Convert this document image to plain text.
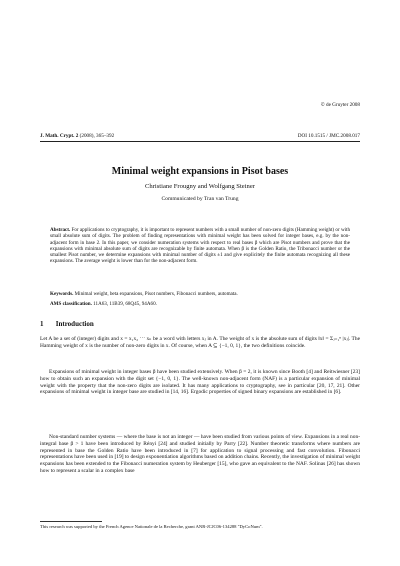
© de Gruyter 2008

J. Math. Crypt. 2 (2008), 365–392	DOI 10.1515 / JMC.2008.017
Minimal weight expansions in Pisot bases

Christiane Frougny and Wolfgang Steiner

Communicated by Tran van Trung

Abstract. For applications to cryptography, it is important to represent numbers with a small number of non-zero digits (Hamming weight) or with small absolute sum of digits. The problem of finding representations with minimal weight has been solved for integer bases, e.g. by the non-adjacent form in base 2. In this paper, we consider numeration systems with respect to real bases β which are Pisot numbers and prove that the expansions with minimal absolute sum of digits are recognizable by finite automata. When β is the Golden Ratio, the Tribonacci number or the smallest Pisot number, we determine expansions with minimal number of digits ±1 and give explicitely the finite automata recognizing all these expansions. The average weight is lower than for the non-adjacent form.

Keywords. Minimal weight, beta expansions, Pisot numbers, Fibonacci numbers, automata.

AMS classification. 11A63, 11B39, 68Q45, 94A60.

1 Introduction

Let A be a set of (integer) digits and x = x₁x₂ ⋯ xₙ be a word with letters xⱼ in A. The weight of x is the absolute sum of digits ‖x‖ = Σⱼ₌₁ⁿ |xⱼ|. The Hamming weight of x is the number of non-zero digits in x. Of course, when A ⊆ {−1, 0, 1}, the two definitions coincide.

Expansions of minimal weight in integer bases β have been studied extensively. When β = 2, it is known since Booth [4] and Reitwiesner [23] how to obtain such an expansion with the digit set {−1, 0, 1}. The well-known non-adjacent form (NAF) is a particular expansion of minimal weight with the property that the non-zero digits are isolated. It has many applications to cryptography, see in particular [20, 17, 21]. Other expansions of minimal weight in integer base are studied in [14, 16]. Ergodic properties of signed binary expansions are established in [6].

Non-standard number systems — where the base is not an integer — have been studied from various points of view. Expansions in a real non-integral base β > 1 have been introduced by Rényi [24] and studied initially by Parry [22]. Number theoretic transforms where numbers are represented in base the Golden Ratio have been introduced in [7] for application to signal processing and fast convolution. Fibonacci representations have been used in [19] to design exponentiation algorithms based on addition chains. Recently, the investigation of minimal weight expansions has been extended to the Fibonacci numeration system by Heuberger [15], who gave an equivalent to the NAF. Solinas [26] has shown how to represent a scalar in a complex base

This research was supported by the French Agence Nationale de la Recherche, grant ANR-JCJC06-134288 "DyCoNum".
